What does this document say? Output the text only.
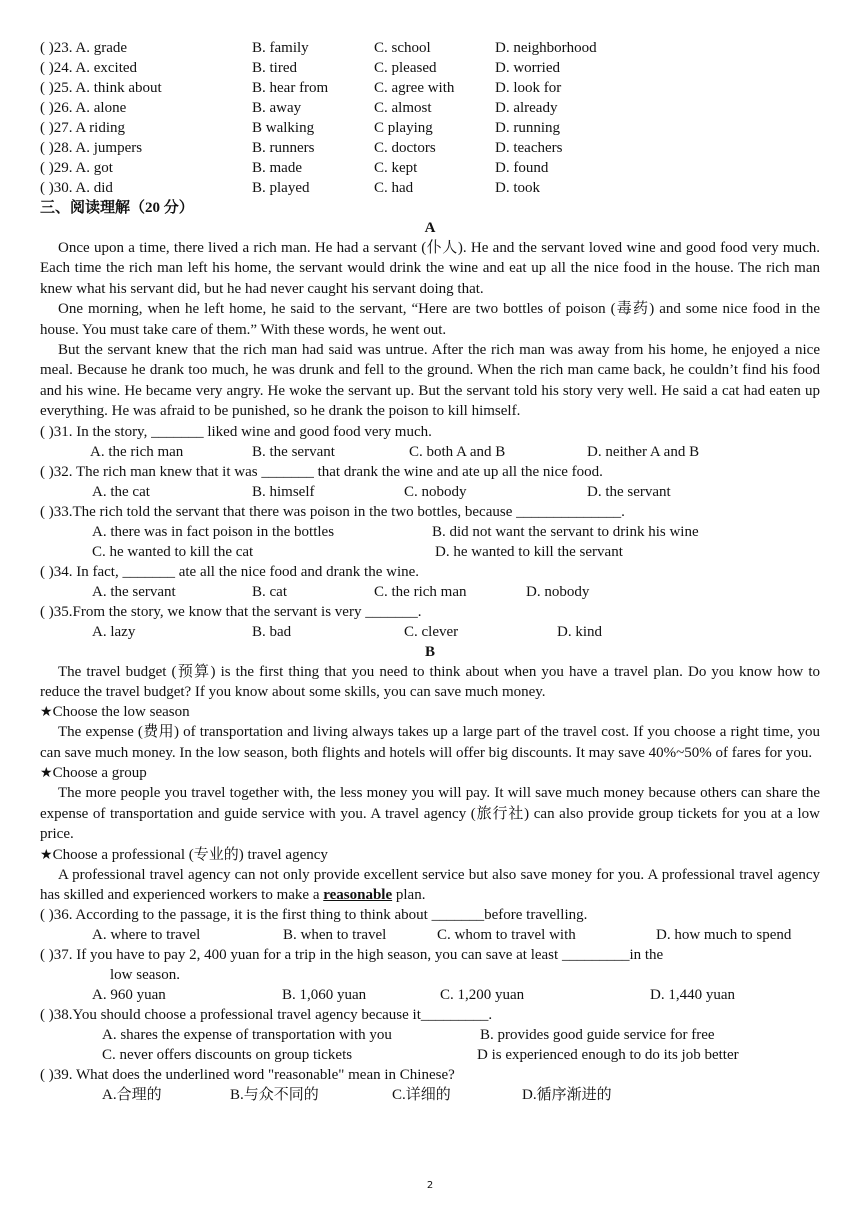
( )23. A. grade	B. family	C. school	D. neighborhood
( )24. A. excited	B. tired	C. pleased	D. worried
( )25. A. think about	B. hear from	C. agree with	D. look for
( )26. A. alone	B. away	C. almost	D. already
( )27. A riding	B walking	C playing	D. running
( )28. A. jumpers	B. runners	C. doctors	D. teachers
( )29. A. got	B. made	C. kept	D. found
( )30. A. did	B. played	C. had	D. took
三、阅读理解（20 分）
A

Once upon a time, there lived a rich man. He had a servant (仆人). He and the servant loved wine and good food very much. Each time the rich man left his home, the servant would drink the wine and eat up all the nice food in the house. The rich man knew what his servant did, but he had never caught his servant doing that.

One morning, when he left home, he said to the servant, “Here are two bottles of poison (毒药) and some nice food in the house. You must take care of them.” With these words, he went out.

But the servant knew that the rich man had said was untrue. After the rich man was away from his home, he enjoyed a nice meal. Because he drank too much, he was drunk and fell to the ground. When the rich man came back, he couldn’t find his food and his wine. He became very angry. He woke the servant up. But the servant told his story very well. He said a cat had eaten up everything. He was afraid to be punished, so he drank the poison to kill himself.

( )31. In the story, _______ liked wine and good food very much.
A. the rich man	B. the servant	C. both A and B	D. neither A and B
( )32. The rich man knew that it was _______ that drank the wine and ate up all the nice food.
A. the cat	B. himself	C. nobody	D. the servant
( )33.The rich told the servant that there was poison in the two bottles, because ______________.
A. there was in fact poison in the bottles	B. did not want the servant to drink his wine
C. he wanted to kill the cat	D. he wanted to kill the servant
( )34. In fact, _______ ate all the nice food and drank the wine.
A. the servant	B. cat	C. the rich man	D. nobody
( )35.From the story, we know that the servant is very _______.
A. lazy	B. bad	C. clever	D. kind
B

The travel budget (预算) is the first thing that you need to think about when you have a travel plan. Do you know how to reduce the travel budget? If you know about some skills, you can save much money.

★Choose the low season

The expense (费用) of transportation and living always takes up a large part of the travel cost. If you choose a right time, you can save much money. In the low season, both flights and hotels will offer big discounts. It may save 40%~50% of fares for you.

★Choose a group

The more people you travel together with, the less money you will pay. It will save much money because others can share the expense of transportation and guide service with you. A travel agency (旅行社) can also provide group tickets for you at a low price.

★Choose a professional (专业的) travel agency

A professional travel agency can not only provide excellent service but also save money for you. A professional travel agency has skilled and experienced workers to make a reasonable plan.

( )36. According to the passage, it is the first thing to think about _______before travelling.
A. where to travel	B. when to travel	C. whom to travel with	D. how much to spend
( )37. If you have to pay 2, 400 yuan for a trip in the high season, you can save at least _________in the
low season.
A. 960 yuan	B. 1,060 yuan	C. 1,200 yuan	D. 1,440 yuan
( )38.You should choose a professional travel agency because it_________.
A. shares the expense of transportation with you	B. provides good guide service for free
C. never offers discounts on group tickets	D is experienced enough to do its job better
( )39. What does the underlined word "reasonable" mean in Chinese?
A.合理的	B.与众不同的	C.详细的	D.循序渐进的
2
